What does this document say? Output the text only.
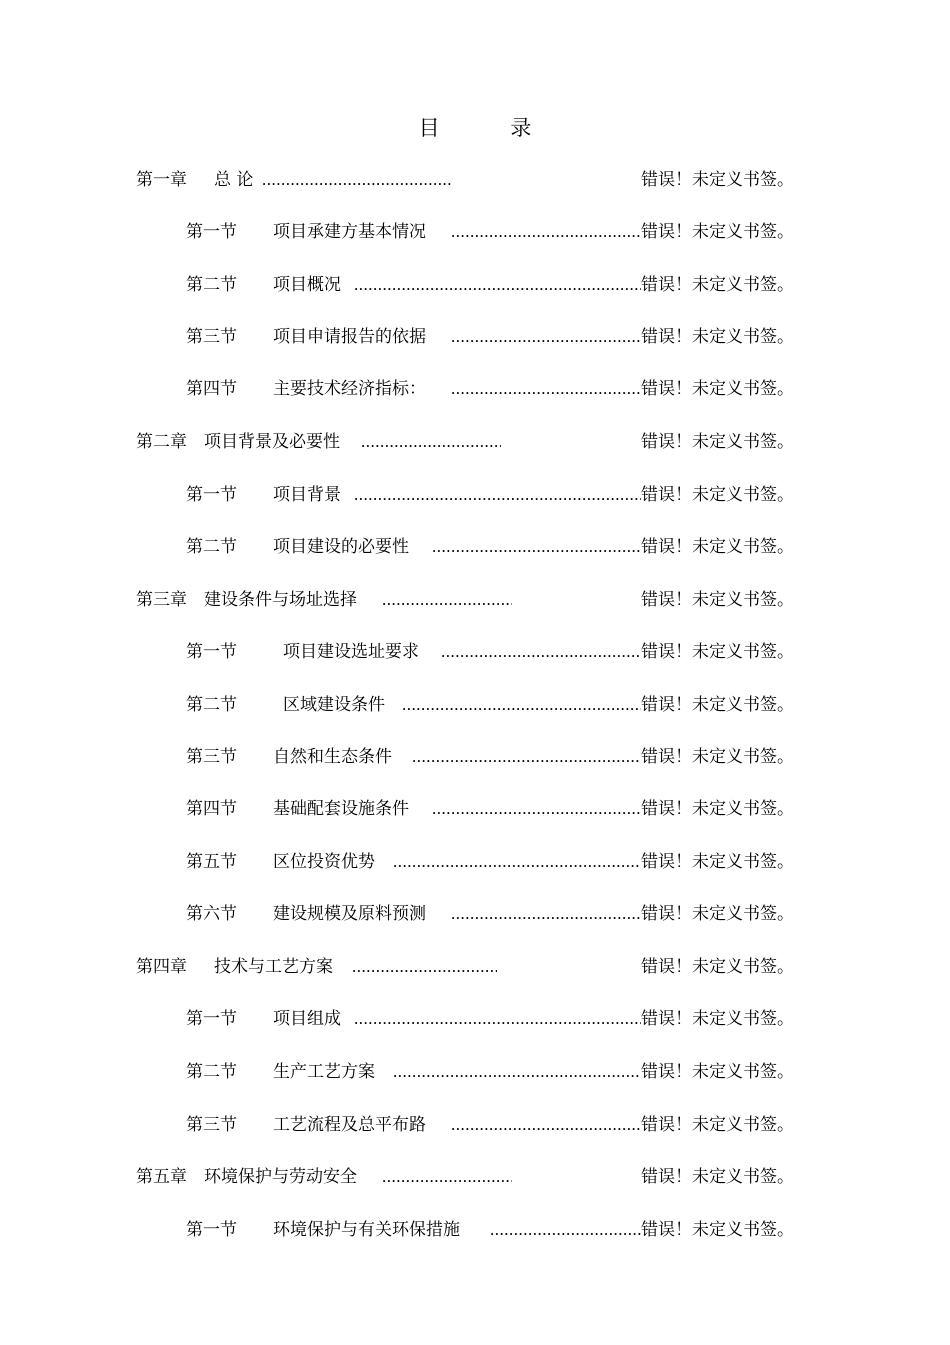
目 录
第一章 总 论 .....	错误！未定义书签。
第一节 项目承建方基本情况 .....	错误！未定义书签。
第二节 项目概况 .....	错误！未定义书签。
第三节 项目申请报告的依据 .....	错误！未定义书签。
第四节 主要技术经济指标： .....	错误！未定义书签。
第二章 项目背景及必要性 .....	错误！未定义书签。
第一节 项目背景 .....	错误！未定义书签。
第二节 项目建设的必要性 .....	错误！未定义书签。
第三章 建设条件与场址选择 .....	错误！未定义书签。
第一节	项目建设选址要求 .....	错误！未定义书签。
第二节	区域建设条件 .....	错误！未定义书签。
第三节 自然和生态条件 .....	错误！未定义书签。
第四节 基础配套设施条件 .....	错误！未定义书签。
第五节 区位投资优势 .....	错误！未定义书签。
第六节 建设规模及原料预测 .....	错误！未定义书签。
第四章 技术与工艺方案 .....	错误！未定义书签。
第一节 项目组成 .....	错误！未定义书签。
第二节 生产工艺方案 .....	错误！未定义书签。
第三节 工艺流程及总平布路 .....	错误！未定义书签。
第五章 环境保护与劳动安全 .....	错误！未定义书签。
第一节 环境保护与有关环保措施 .....	错误！未定义书签。
